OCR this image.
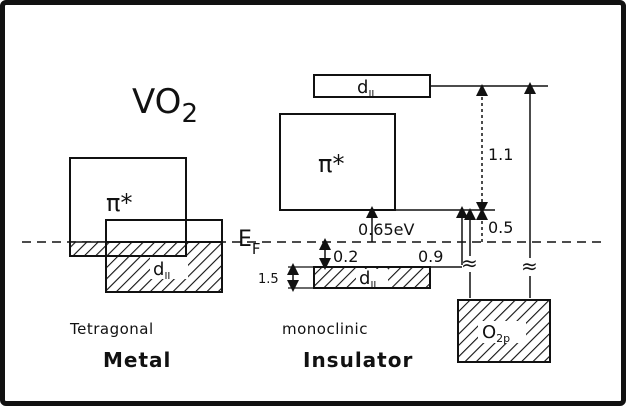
$VO_2$
$E_F$
π*
$d_{II}$
$d_{II}$
π*
$d_{II}$
$O_{2p}$
0.65eV
0.2
1.5
0.9 ≈
1.1
0.5
≈
Tetragonal
Metal
monoclinic
Insulator
